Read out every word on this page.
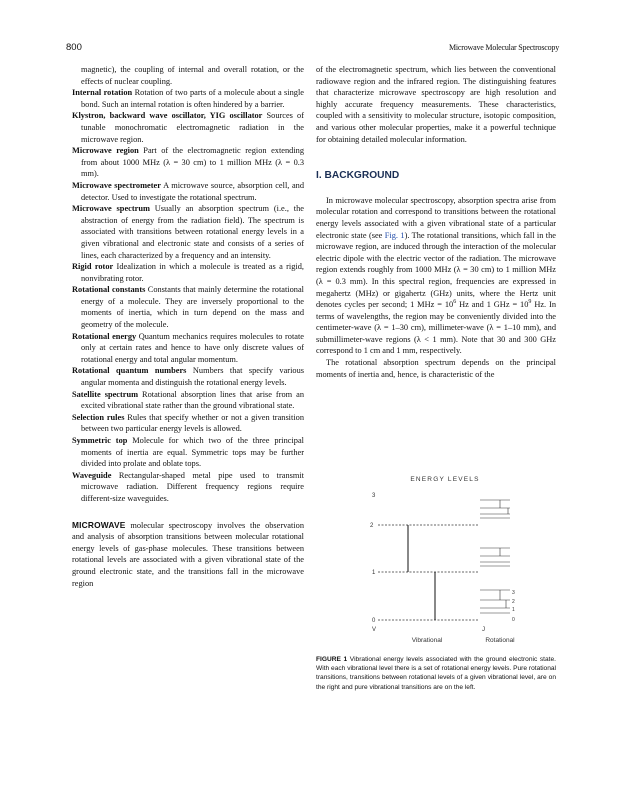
800	Microwave Molecular Spectroscopy

magnetic), the coupling of internal and overall rotation, or the effects of nuclear coupling.

Internal rotation Rotation of two parts of a molecule about a single bond. Such an internal rotation is often hindered by a barrier.

Klystron, backward wave oscillator, YIG oscillator Sources of tunable monochromatic electromagnetic radiation in the microwave region.

Microwave region Part of the electromagnetic region extending from about 1000 MHz (λ = 30 cm) to 1 million MHz (λ = 0.3 mm).

Microwave spectrometer A microwave source, absorption cell, and detector. Used to investigate the rotational spectrum.

Microwave spectrum Usually an absorption spectrum (i.e., the abstraction of energy from the radiation field). The spectrum is associated with transitions between rotational energy levels in a given vibrational and electronic state and consists of a series of lines, each characterized by a frequency and an intensity.

Rigid rotor Idealization in which a molecule is treated as a rigid, nonvibrating rotor.

Rotational constants Constants that mainly determine the rotational energy of a molecule. They are inversely proportional to the moments of inertia, which in turn depend on the mass and geometry of the molecule.

Rotational energy Quantum mechanics requires molecules to rotate only at certain rates and hence to have only discrete values of rotational energy and total angular momentum.

Rotational quantum numbers Numbers that specify various angular momenta and distinguish the rotational energy levels.

Satellite spectrum Rotational absorption lines that arise from an excited vibrational state rather than the ground vibrational state.

Selection rules Rules that specify whether or not a given transition between two particular energy levels is allowed.

Symmetric top Molecule for which two of the three principal moments of inertia are equal. Symmetric tops may be further divided into prolate and oblate tops.

Waveguide Rectangular-shaped metal pipe used to transmit microwave radiation. Different frequency regions require different-size waveguides.

MICROWAVE molecular spectroscopy involves the observation and analysis of absorption transitions between molecular rotational energy levels of gas-phase molecules. These transitions between rotational levels are associated with a given vibrational state of the ground electronic state, and the transitions fall in the microwave region

of the electromagnetic spectrum, which lies between the conventional radiowave region and the infrared region. The distinguishing features that characterize microwave spectroscopy are high resolution and highly accurate frequency measurements. These characteristics, coupled with a sensitivity to molecular structure, isotopic composition, and various other molecular properties, make it a powerful technique for obtaining detailed molecular information.

I. BACKGROUND

In microwave molecular spectroscopy, absorption spectra arise from molecular rotation and correspond to transitions between the rotational energy levels associated with a given vibrational state of a particular electronic state (see Fig. 1). The rotational transitions, which fall in the microwave region, are induced through the interaction of the molecular electric dipole with the electric vector of the radiation. The microwave region extends roughly from 1000 MHz (λ = 30 cm) to 1 million MHz (λ = 0.3 mm). In this spectral region, frequencies are expressed in megahertz (MHz) or gigahertz (GHz) units, where the Hertz unit denotes cycles per second; 1 MHz = $10^6$ Hz and 1 GHz = $10^9$ Hz. In terms of wavelengths, the region may be conveniently divided into the centimeter-wave (λ = 1–30 cm), millimeter-wave (λ = 1–10 mm), and submillimeter-wave regions (λ < 1 mm). Note that 30 and 300 GHz correspond to 1 cm and 1 mm, respectively.

The rotational absorption spectrum depends on the principal moments of inertia and, hence, is characteristic of the

ENERGY LEVELS
3
2
1
0
V
3
2
1
0
J
Vibrational	Rotational
FIGURE 1 Vibrational energy levels associated with the ground electronic state. With each vibrational level there is a set of rotational energy levels. Pure rotational transitions, transitions between rotational levels of a given vibrational level, are on the right and pure vibrational transitions are on the left.
